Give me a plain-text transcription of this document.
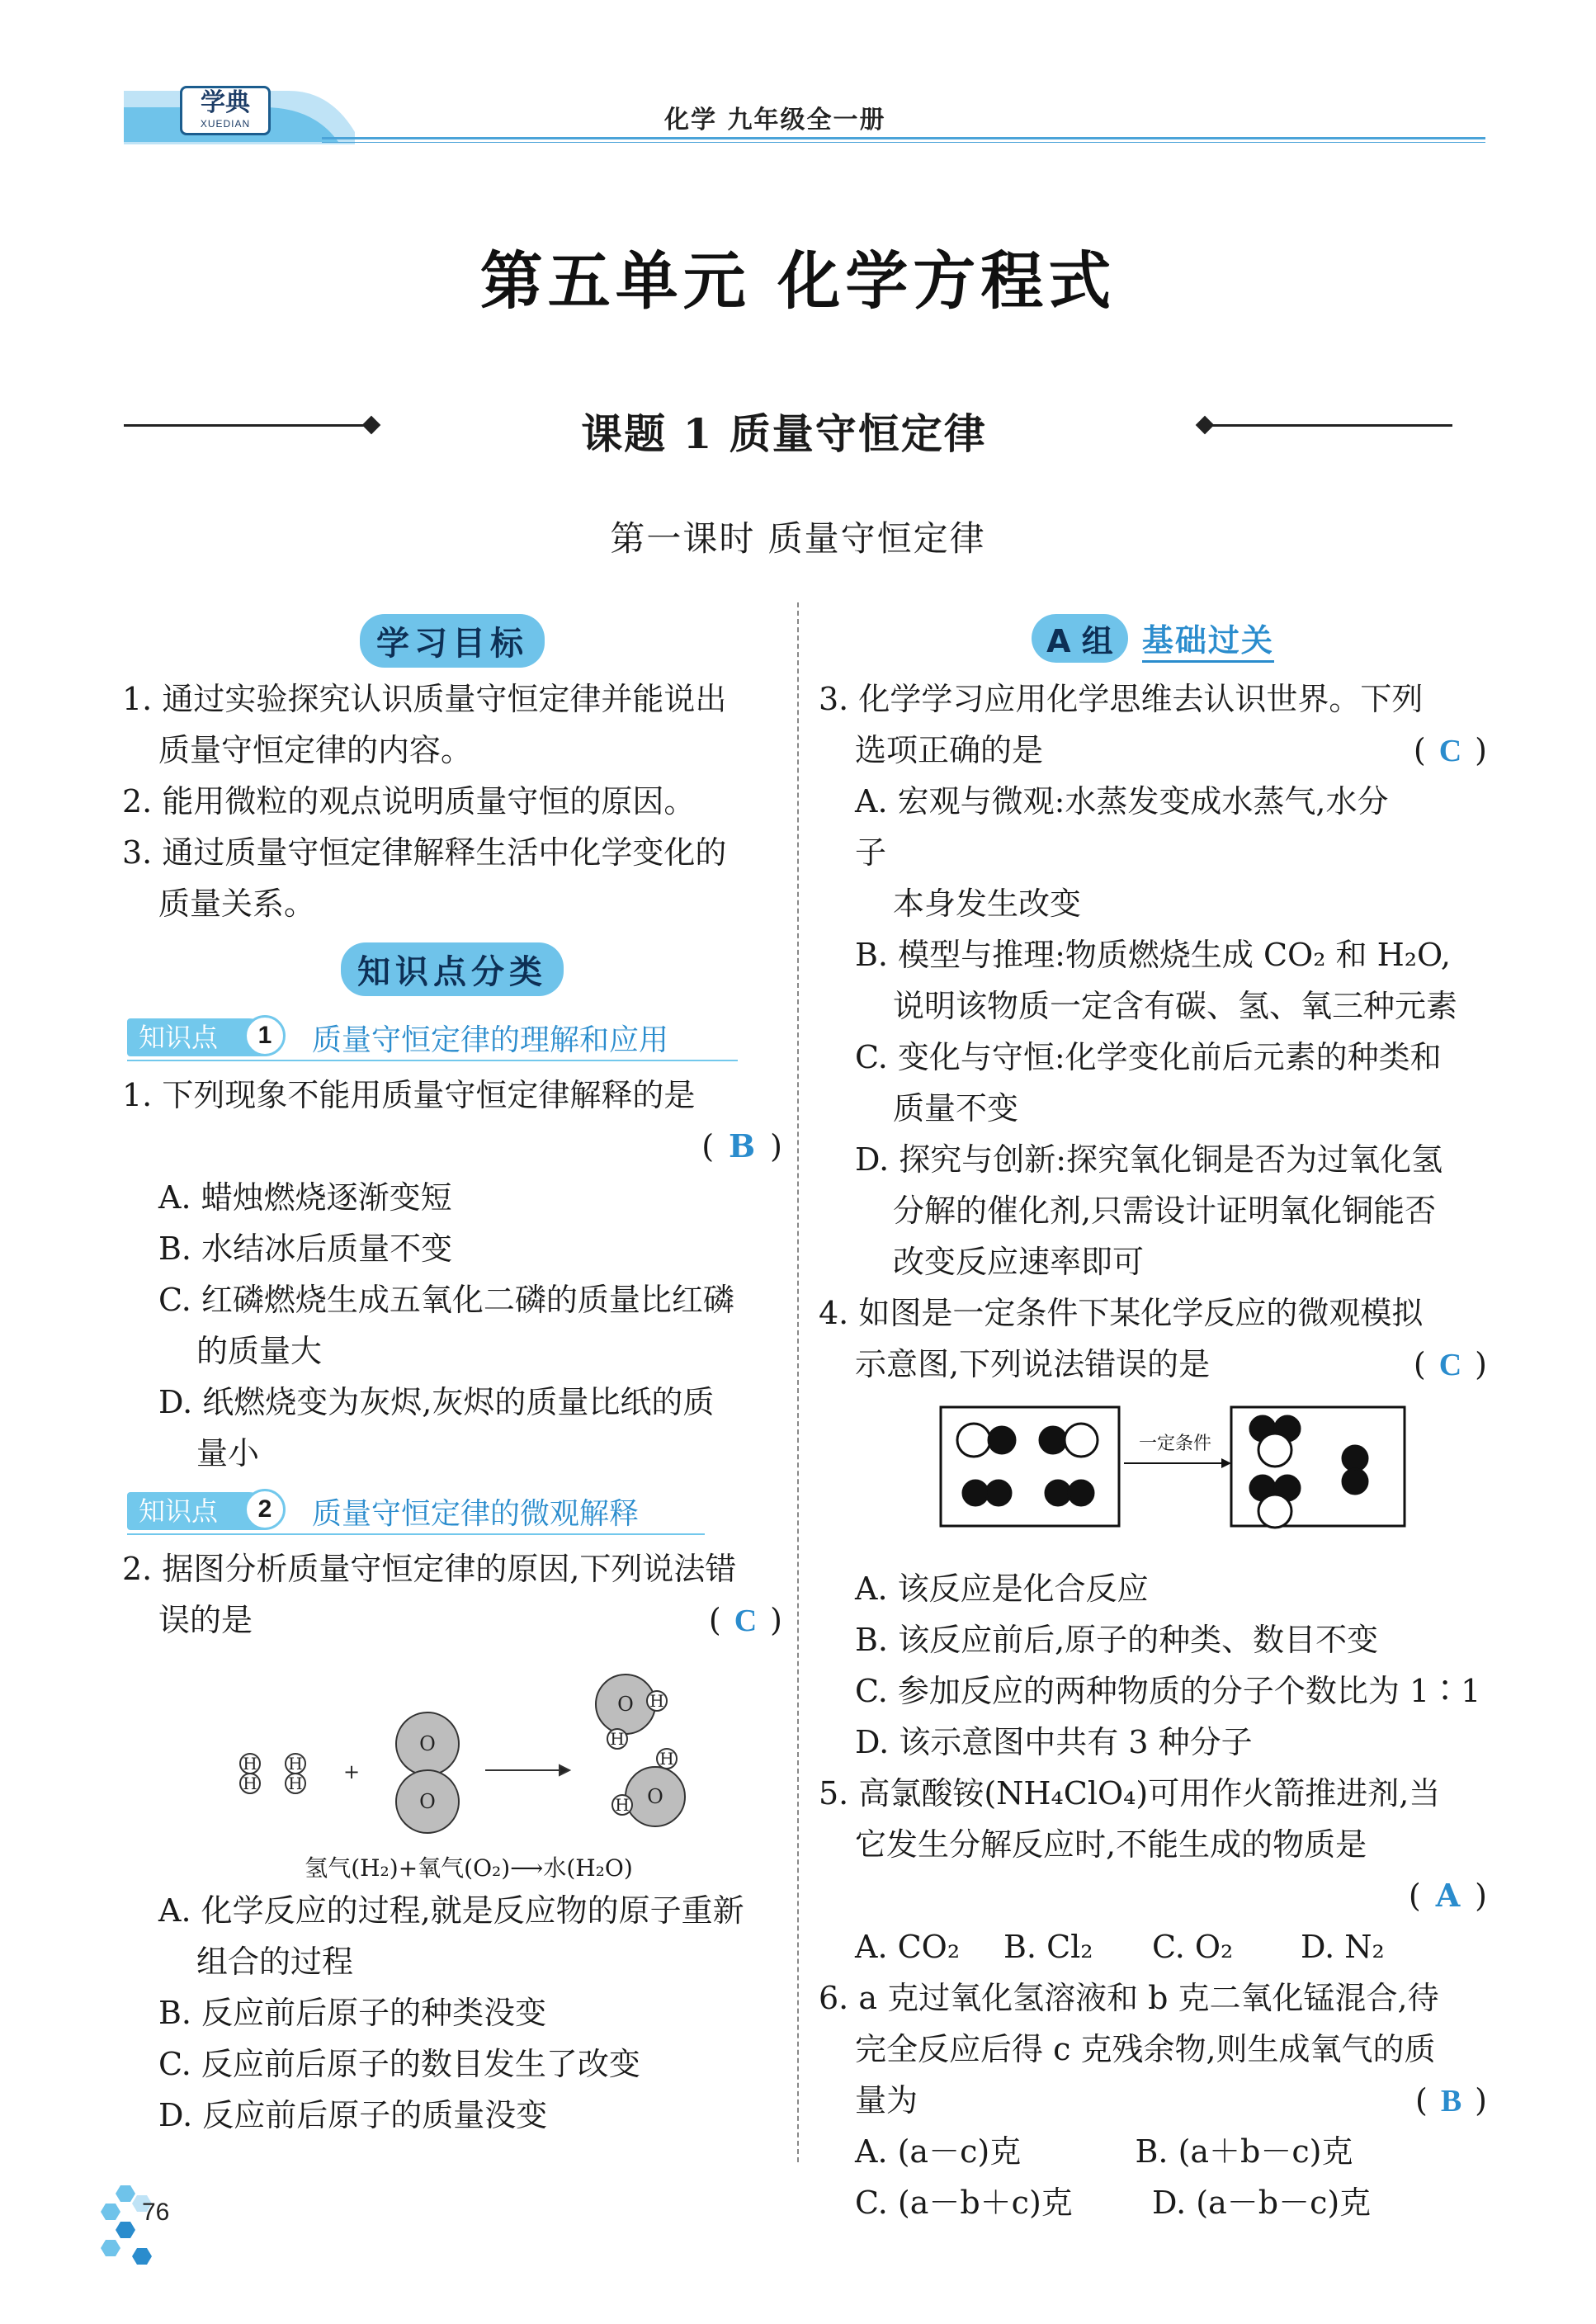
学典
XUEDIAN	化学 九年级全一册
第五单元 化学方程式
课题 1 质量守恒定律
第一课时 质量守恒定律
学习目标
1. 通过实验探究认识质量守恒定律并能说出
质量守恒定律的内容。
2. 能用微粒的观点说明质量守恒的原因。
3. 通过质量守恒定律解释生活中化学变化的
质量关系。
知识点分类
知识点	1	质量守恒定律的理解和应用
1. 下列现象不能用质量守恒定律解释的是
( B )
A. 蜡烛燃烧逐渐变短
B. 水结冰后质量不变
C. 红磷燃烧生成五氧化二磷的质量比红磷
的质量大
D. 纸燃烧变为灰烬,灰烬的质量比纸的质
量小
知识点	2	质量守恒定律的微观解释
2. 据图分析质量守恒定律的原因,下列说法错
误的是	( C )
H
H
H
H +
O
O
O H
H
O
H
H
氢气(H₂)+氧气(O₂)⟶水(H₂O)
A. 化学反应的过程,就是反应物的原子重新
组合的过程
B. 反应前后原子的种类没变
C. 反应前后原子的数目发生了改变
D. 反应前后原子的质量没变
A 组 基础过关
3. 化学学习应用化学思维去认识世界。下列
选项正确的是	( C )
A. 宏观与微观:水蒸发变成水蒸气,水分子
本身发生改变
B. 模型与推理:物质燃烧生成 CO₂ 和 H₂O,
说明该物质一定含有碳、氢、氧三种元素
C. 变化与守恒:化学变化前后元素的种类和
质量不变
D. 探究与创新:探究氧化铜是否为过氧化氢
分解的催化剂,只需设计证明氧化铜能否
改变反应速率即可
4. 如图是一定条件下某化学反应的微观模拟
示意图,下列说法错误的是	( C )
一定条件
A. 该反应是化合反应
B. 该反应前后,原子的种类、数目不变
C. 参加反应的两种物质的分子个数比为 1∶1
D. 该示意图中共有 3 种分子
5. 高氯酸铵(NH₄ClO₄)可用作火箭推进剂,当
它发生分解反应时,不能生成的物质是
( A )
A. CO₂	B. Cl₂	C. O₂	D. N₂
6. a 克过氧化氢溶液和 b 克二氧化锰混合,待
完全反应后得 c 克残余物,则生成氧气的质
量为	( B )
A. (a－c)克	B. (a＋b－c)克
C. (a－b＋c)克	D. (a－b－c)克
76
